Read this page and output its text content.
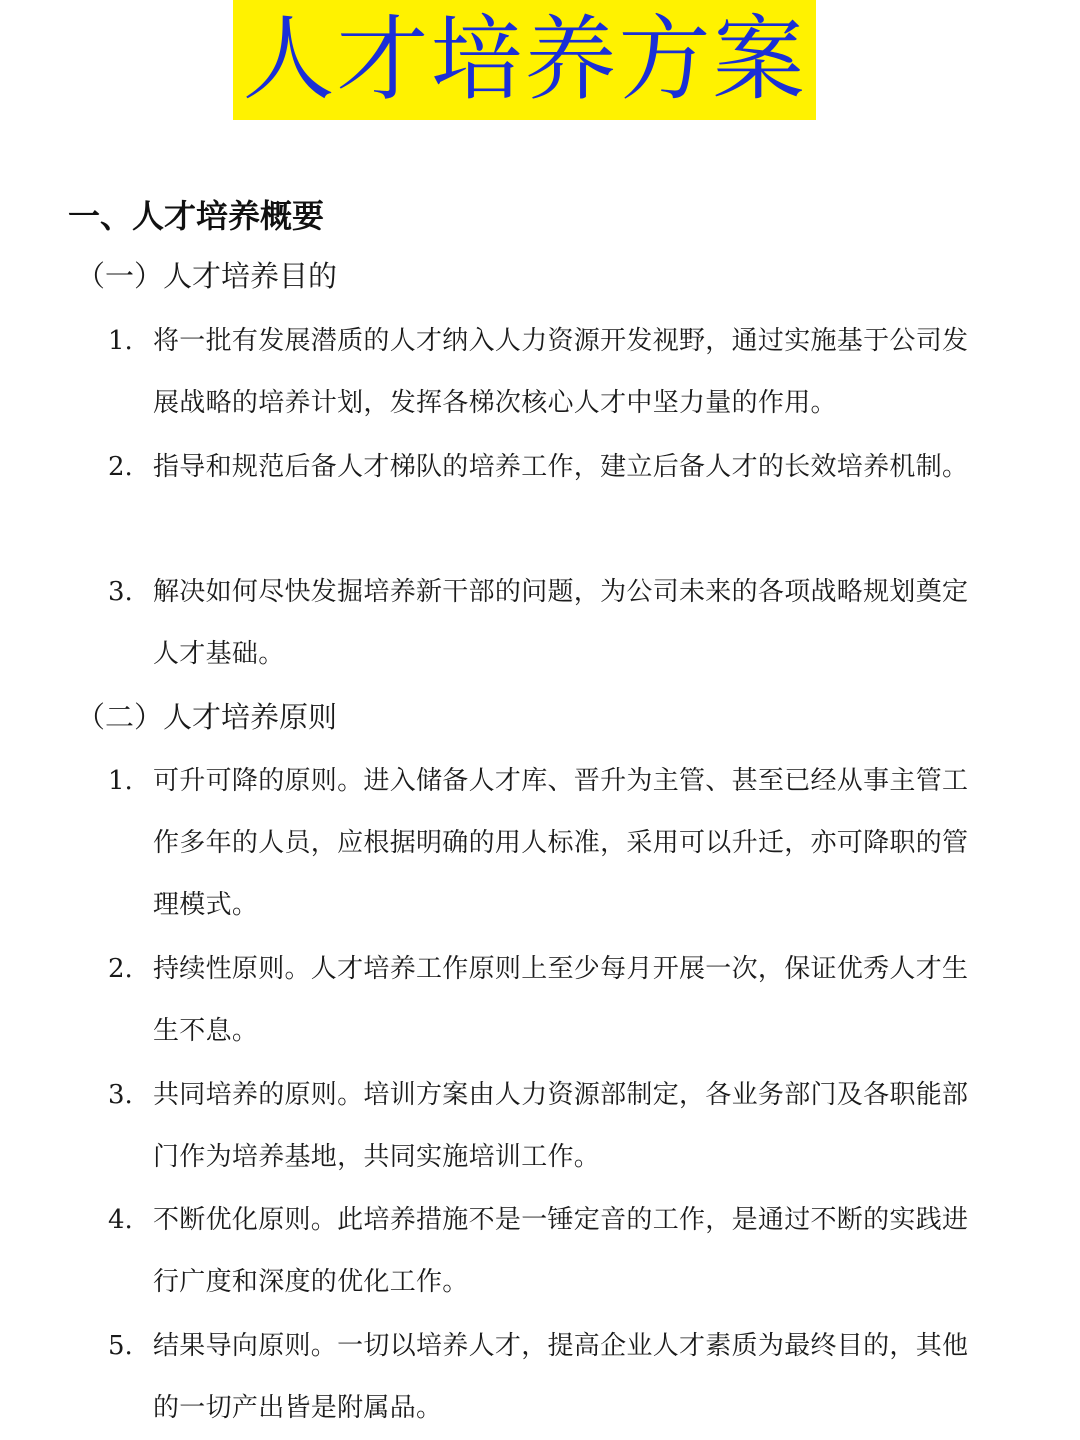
人才培养方案
一、人才培养概要
（一）人才培养目的
1. 将一批有发展潜质的人才纳入人力资源开发视野，通过实施基于公司发展战略的培养计划，发挥各梯次核心人才中坚力量的作用。
2. 指导和规范后备人才梯队的培养工作，建立后备人才的长效培养机制。
3. 解决如何尽快发掘培养新干部的问题，为公司未来的各项战略规划奠定人才基础。
（二）人才培养原则
1. 可升可降的原则。进入储备人才库、晋升为主管、甚至已经从事主管工作多年的人员，应根据明确的用人标准，采用可以升迁，亦可降职的管理模式。
2. 持续性原则。人才培养工作原则上至少每月开展一次，保证优秀人才生生不息。
3. 共同培养的原则。培训方案由人力资源部制定，各业务部门及各职能部门作为培养基地，共同实施培训工作。
4. 不断优化原则。此培养措施不是一锤定音的工作，是通过不断的实践进行广度和深度的优化工作。
5. 结果导向原则。一切以培养人才，提高企业人才素质为最终目的，其他的一切产出皆是附属品。
